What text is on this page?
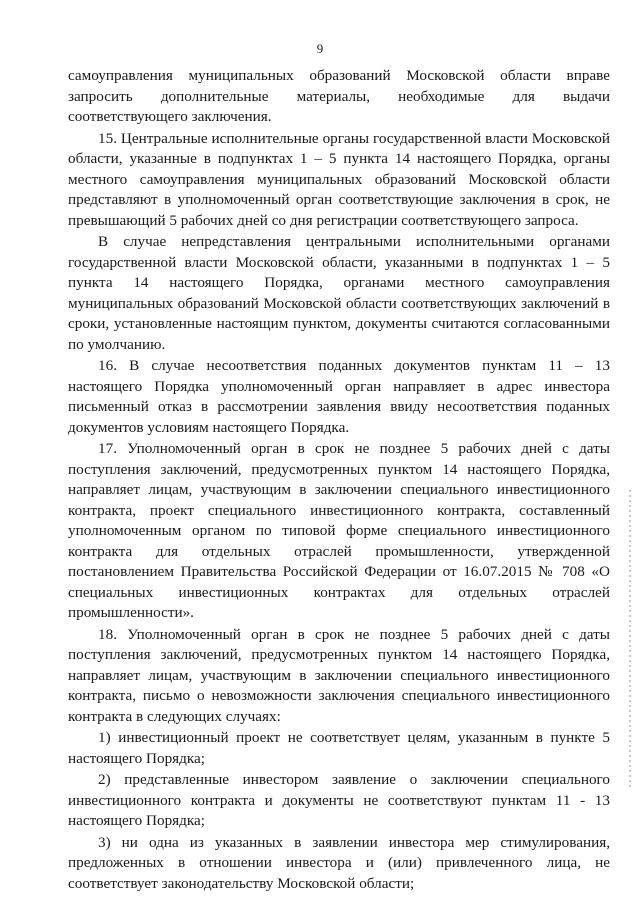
9

самоуправления муниципальных образований Московской области вправе запросить дополнительные материалы, необходимые для выдачи соответствующего заключения.

15. Центральные исполнительные органы государственной власти Московской области, указанные в подпунктах 1 – 5 пункта 14 настоящего Порядка, органы местного самоуправления муниципальных образований Московской области представляют в уполномоченный орган соответствующие заключения в срок, не превышающий 5 рабочих дней со дня регистрации соответствующего запроса.

В случае непредставления центральными исполнительными органами государственной власти Московской области, указанными в подпунктах 1 – 5 пункта 14 настоящего Порядка, органами местного самоуправления муниципальных образований Московской области соответствующих заключений в сроки, установленные настоящим пунктом, документы считаются согласованными по умолчанию.

16. В случае несоответствия поданных документов пунктам 11 – 13 настоящего Порядка уполномоченный орган направляет в адрес инвестора письменный отказ в рассмотрении заявления ввиду несоответствия поданных документов условиям настоящего Порядка.

17. Уполномоченный орган в срок не позднее 5 рабочих дней с даты поступления заключений, предусмотренных пунктом 14 настоящего Порядка, направляет лицам, участвующим в заключении специального инвестиционного контракта, проект специального инвестиционного контракта, составленный уполномоченным органом по типовой форме специального инвестиционного контракта для отдельных отраслей промышленности, утвержденной постановлением Правительства Российской Федерации от 16.07.2015 № 708 «О специальных инвестиционных контрактах для отдельных отраслей промышленности».

18. Уполномоченный орган в срок не позднее 5 рабочих дней с даты поступления заключений, предусмотренных пунктом 14 настоящего Порядка, направляет лицам, участвующим в заключении специального инвестиционного контракта, письмо о невозможности заключения специального инвестиционного контракта в следующих случаях:

1) инвестиционный проект не соответствует целям, указанным в пункте 5 настоящего Порядка;

2) представленные инвестором заявление о заключении специального инвестиционного контракта и документы не соответствуют пунктам 11 - 13 настоящего Порядка;

3) ни одна из указанных в заявлении инвестора мер стимулирования, предложенных в отношении инвестора и (или) привлеченного лица, не соответствует законодательству Московской области;
